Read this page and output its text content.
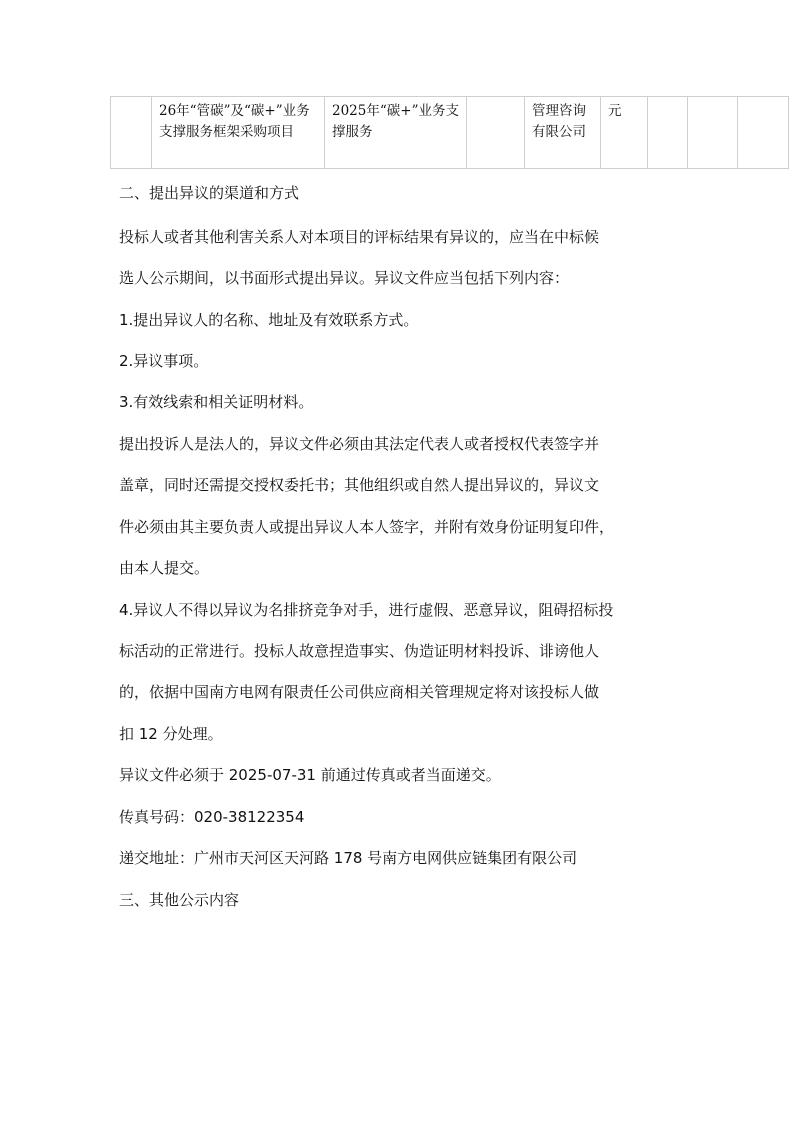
	26年“管碳”及“碳+”业务支撑服务框架采购项目	2025年“碳+”业务支撑服务		管理咨询有限公司	元			
二、提出异议的渠道和方式
投标人或者其他利害关系人对本项目的评标结果有异议的，应当在中标候
选人公示期间，以书面形式提出异议。异议文件应当包括下列内容：
1.提出异议人的名称、地址及有效联系方式。
2.异议事项。
3.有效线索和相关证明材料。
提出投诉人是法人的，异议文件必须由其法定代表人或者授权代表签字并
盖章，同时还需提交授权委托书；其他组织或自然人提出异议的，异议文
件必须由其主要负责人或提出异议人本人签字，并附有效身份证明复印件，
由本人提交。
4.异议人不得以异议为名排挤竞争对手，进行虚假、恶意异议，阻碍招标投
标活动的正常进行。投标人故意捏造事实、伪造证明材料投诉、诽谤他人
的，依据中国南方电网有限责任公司供应商相关管理规定将对该投标人做
扣 12 分处理。
异议文件必须于 2025-07-31 前通过传真或者当面递交。
传真号码：020-38122354
递交地址：广州市天河区天河路 178 号南方电网供应链集团有限公司
三、其他公示内容
